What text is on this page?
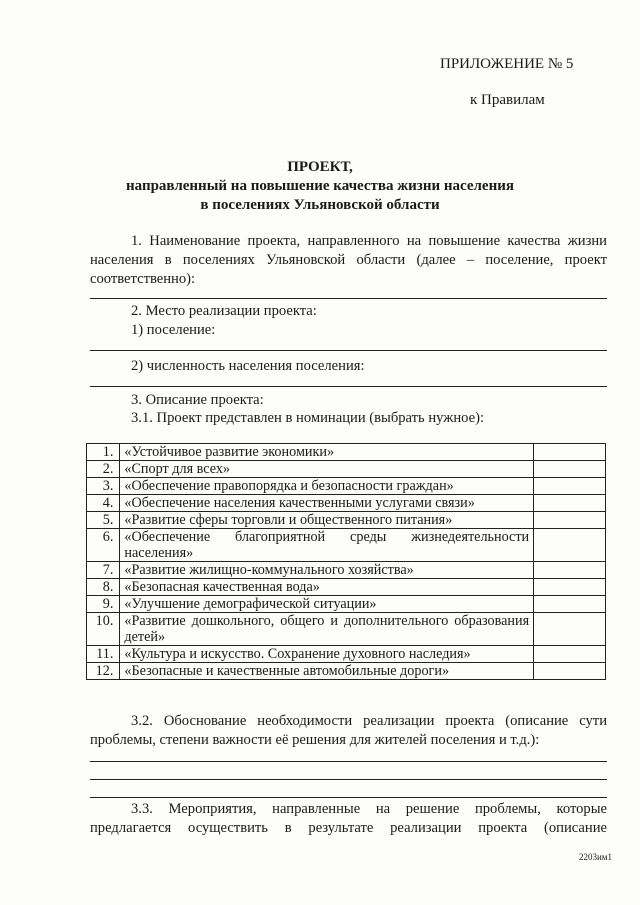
ПРИЛОЖЕНИЕ № 5
к Правилам
ПРОЕКТ,
направленный на повышение качества жизни населения
в поселениях Ульяновской области
1. Наименование проекта, направленного на повышение качества жизни
населения в поселениях Ульяновской области (далее – поселение, проект
соответственно):
2. Место реализации проекта:
1) поселение:
2) численность населения поселения:
3. Описание проекта:
3.1. Проект представлен в номинации (выбрать нужное):
1.	«Устойчивое развитие экономики»	
2.	«Спорт для всех»	
3.	«Обеспечение правопорядка и безопасности граждан»	
4.	«Обеспечение населения качественными услугами связи»	
5.	«Развитие сферы торговли и общественного питания»	
6.	«Обеспечение благоприятной среды жизнедеятельности населения»	

7.	«Развитие жилищно-коммунального хозяйства»	
8.	«Безопасная качественная вода»	
9.	«Улучшение демографической ситуации»	
10.	«Развитие дошкольного, общего и дополнительного образования детей»	

11.	«Культура и искусство. Сохранение духовного наследия»	
12.	«Безопасные и качественные автомобильные дороги»	
3.2. Обоснование необходимости реализации проекта (описание сути
проблемы, степени важности её решения для жителей поселения и т.д.):
3.3. Мероприятия, направленные на решение проблемы, которые
предлагается осуществить в результате реализации проекта (описание
2203им1
